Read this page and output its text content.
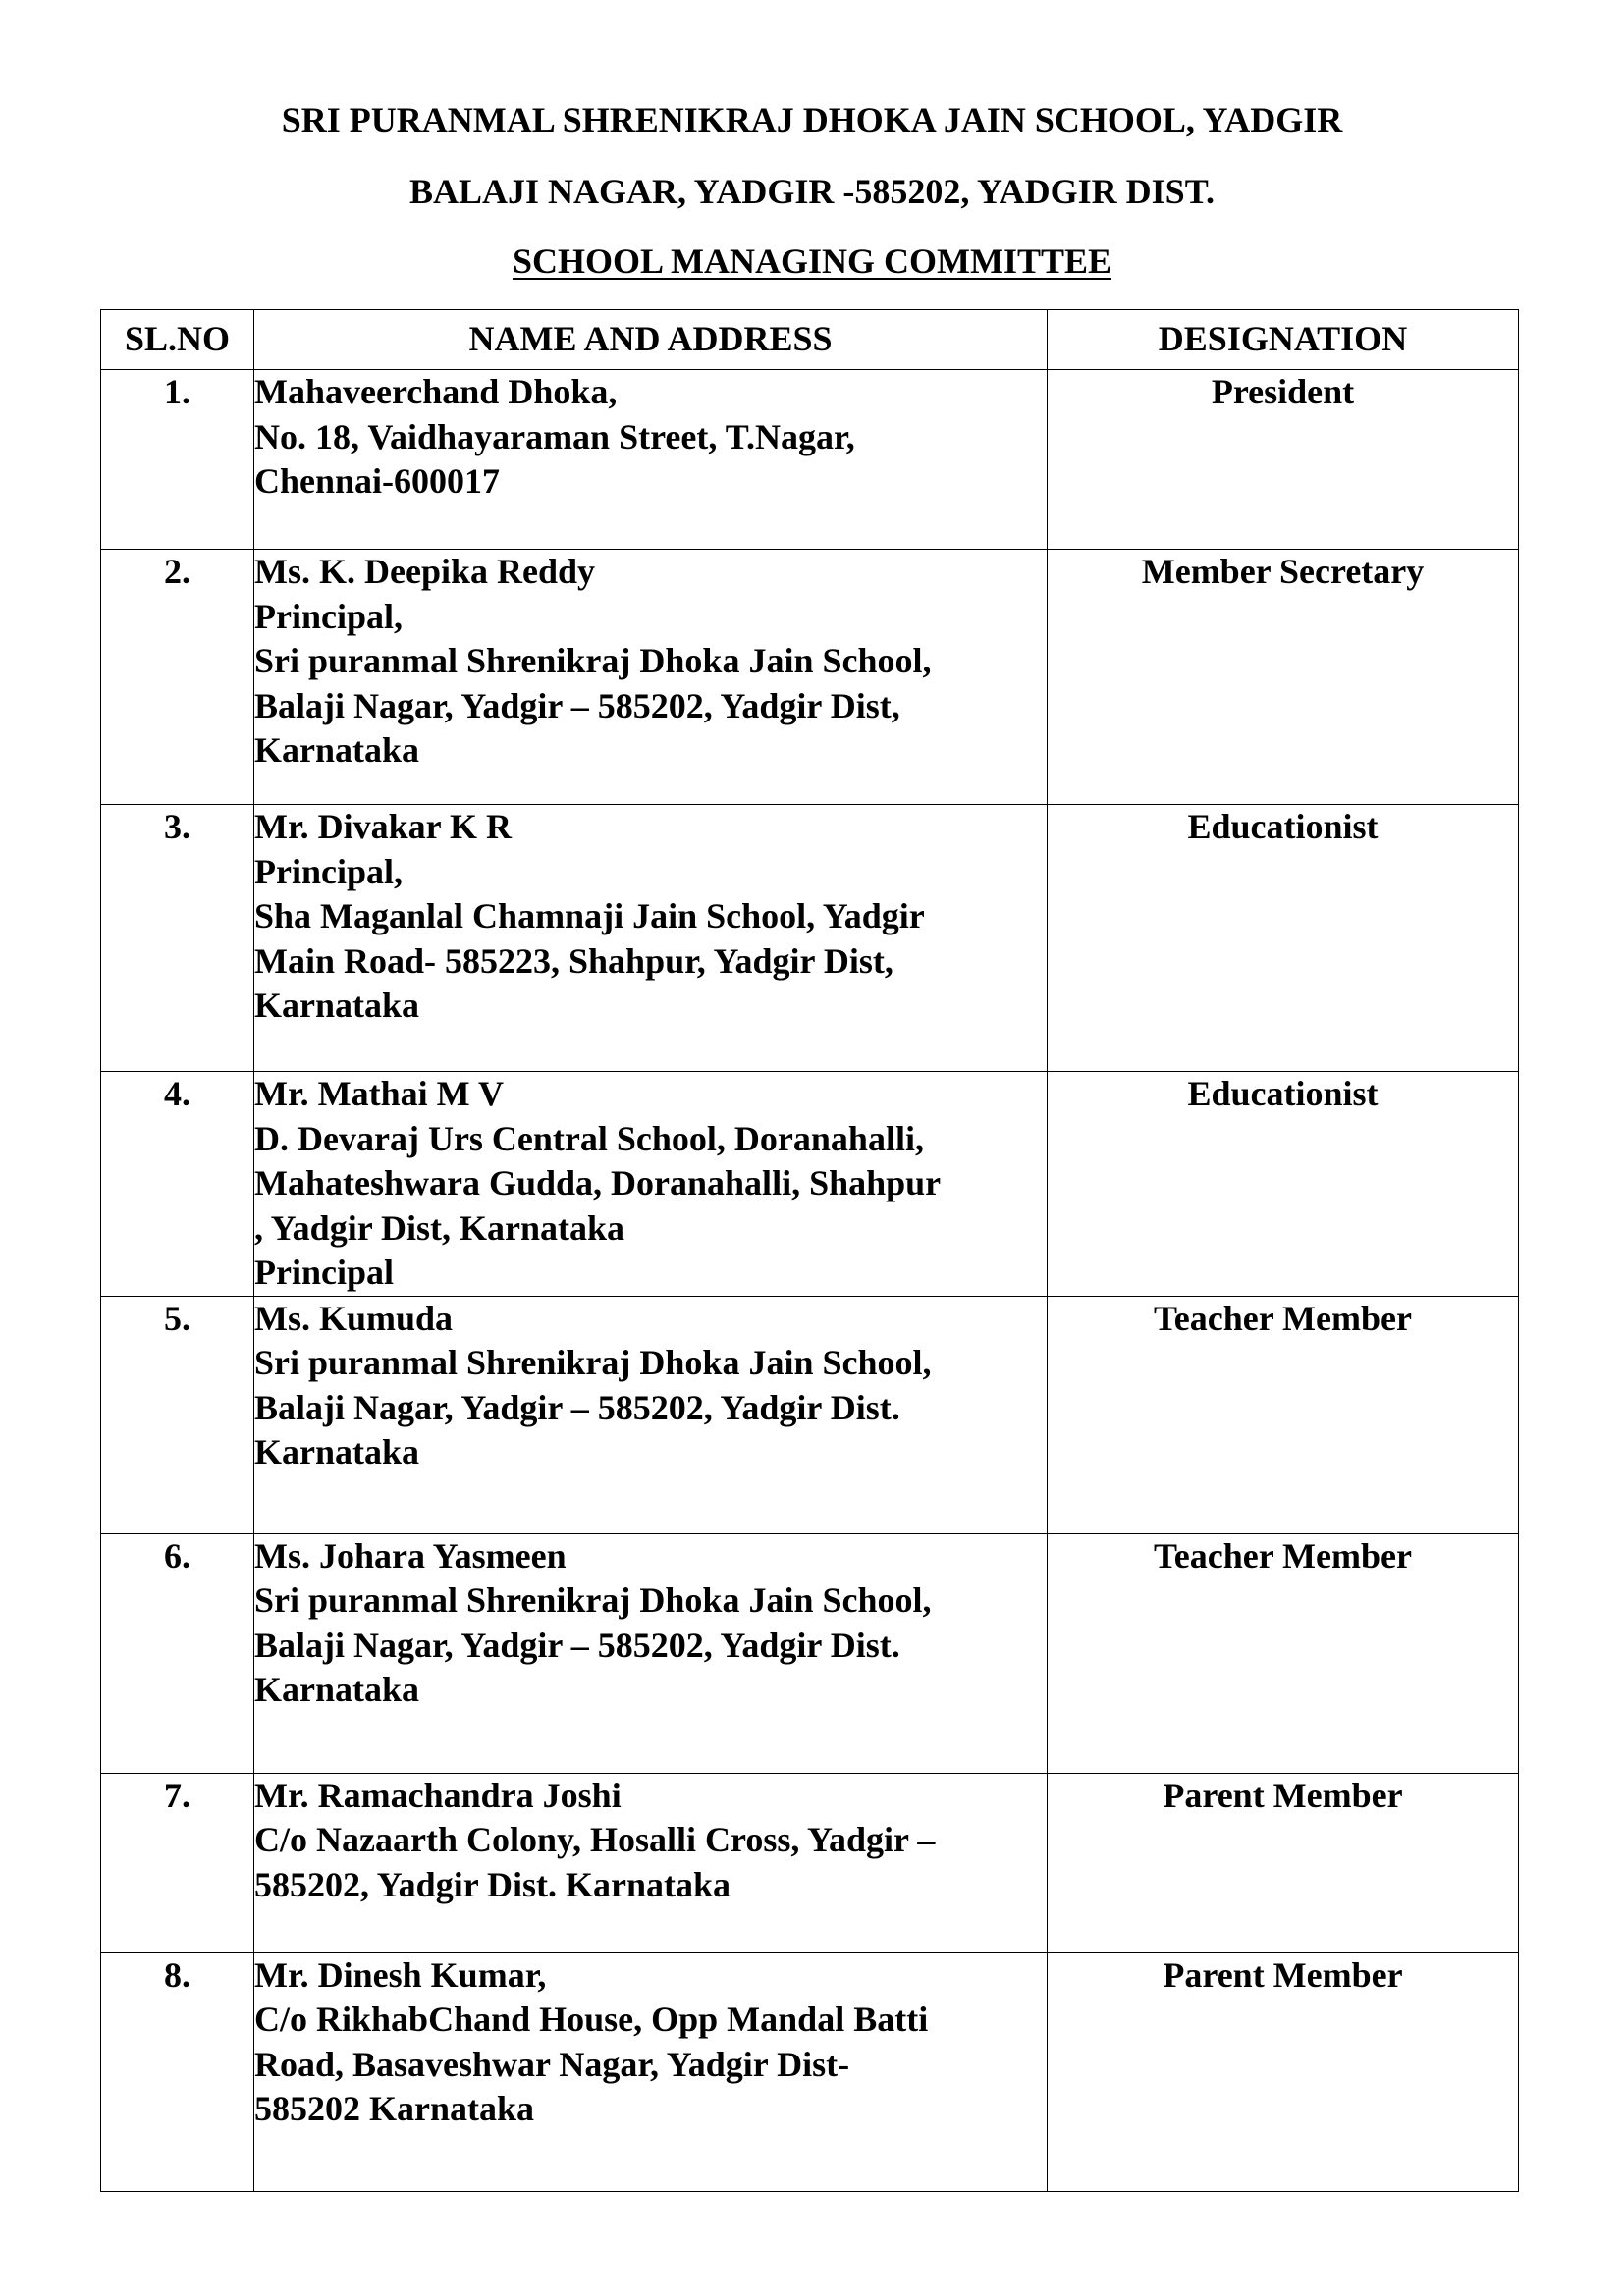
SRI PURANMAL SHRENIKRAJ DHOKA JAIN SCHOOL, YADGIR
BALAJI NAGAR, YADGIR -585202, YADGIR DIST.
SCHOOL MANAGING COMMITTEE
SL.NO	NAME AND ADDRESS	DESIGNATION
1.	Mahaveerchand Dhoka,
No. 18, Vaidhayaraman Street, T.Nagar,
Chennai-600017	President
2.	Ms. K. Deepika Reddy
Principal,
Sri puranmal Shrenikraj Dhoka Jain School,
Balaji Nagar, Yadgir – 585202, Yadgir Dist,
Karnataka	Member Secretary
3.	Mr. Divakar K R
Principal,
Sha Maganlal Chamnaji Jain School, Yadgir
Main Road- 585223, Shahpur, Yadgir Dist,
Karnataka	Educationist
4.	Mr. Mathai M V
D. Devaraj Urs Central School, Doranahalli,
Mahateshwara Gudda, Doranahalli, Shahpur
, Yadgir Dist, Karnataka
Principal	Educationist
5.	Ms. Kumuda
Sri puranmal Shrenikraj Dhoka Jain School,
Balaji Nagar, Yadgir – 585202, Yadgir Dist.
Karnataka	Teacher Member
6.	Ms. Johara Yasmeen
Sri puranmal Shrenikraj Dhoka Jain School,
Balaji Nagar, Yadgir – 585202, Yadgir Dist.
Karnataka	Teacher Member
7.	Mr. Ramachandra Joshi
C/o Nazaarth Colony, Hosalli Cross, Yadgir –
585202, Yadgir Dist. Karnataka	Parent Member
8.	Mr. Dinesh Kumar,
C/o RikhabChand House, Opp Mandal Batti
Road, Basaveshwar Nagar, Yadgir Dist-
585202 Karnataka	Parent Member
